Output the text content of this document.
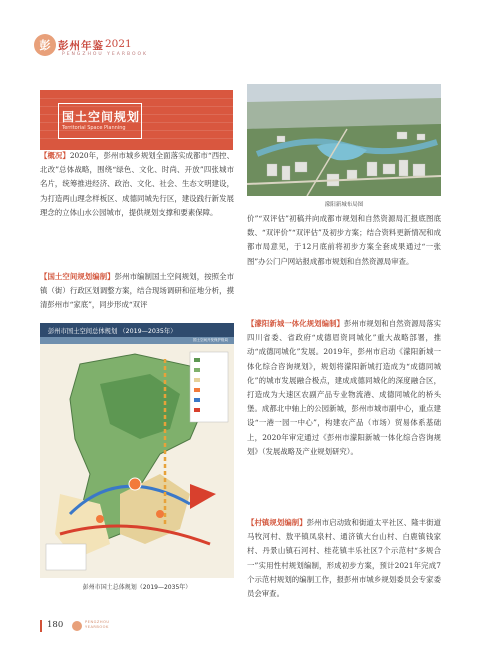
彭 彭州年鉴 2021
PENGZHOU YEARBOOK
国土空间规划
Territorial Space Planning
【概况】2020年，彭州市城乡规划全面落实成都市“西控、北改”总体战略，围绕“绿色、文化、时尚、开放”四张城市名片，统筹推进经济、政治、文化、社会、生态文明建设，为打造两山理念样板区、成德同城先行区，建设践行新发展理念的立体山水公园城市，提供规划支撑和要素保障。
【国土空间规划编制】彭州市编制国土空间规划，按照全市镇（街）行政区划调整方案，结合现场调研和征地分析，摸清彭州市“家底”，同步形成“双评
彭州市国土空间总体规划 （2019—2035年）
国土空间开发保护格局
彭州市国土总体规划（2019—2035年）
濛阳新城布局图
价”“双评估”初稿并向成都市规划和自然资源局汇报底图底数、“双评价”“双评估”及初步方案；结合资料更新情况和成都市局意见，于12月底前将初步方案全套成果通过“一张图”办公门户网站报成都市规划和自然资源局审查。
【濛阳新城一体化规划编制】彭州市规划和自然资源局落实四川省委、省政府“成德眉资同城化”重大战略部署，推动“成德同城化”发展。2019年，彭州市启动《濛阳新城一体化综合咨询规划》，规划将濛阳新城打造成为“成德同城化”的城市发展融合极点，建成成德同城化的深度融合区，打造成为大速区农副产品专业物流港、成德同城化的桥头堡。成都北中轴上的公园新城，彭州市城市副中心，重点建设“一港一园一中心”，构建农产品（市场）贸易体系基础上，2020年审定通过《彭州市濛阳新城一体化综合咨询规划》（发展战略及产业规划研究）。
【村镇规划编制】彭州市启动致和街道太平社区、隆丰街道马牧河村、敖平镇凤泉村、通济镇大台山村、白鹿镇钱家村、丹景山镇石河村、桂花镇丰乐社区7个示范村“多规合一”实用性村规划编制，形成初步方案，预计2021年完成7个示范村规划的编制工作，报彭州市城乡规划委员会专家委员会审查。
180	PENGZHOU
YEARBOOK
